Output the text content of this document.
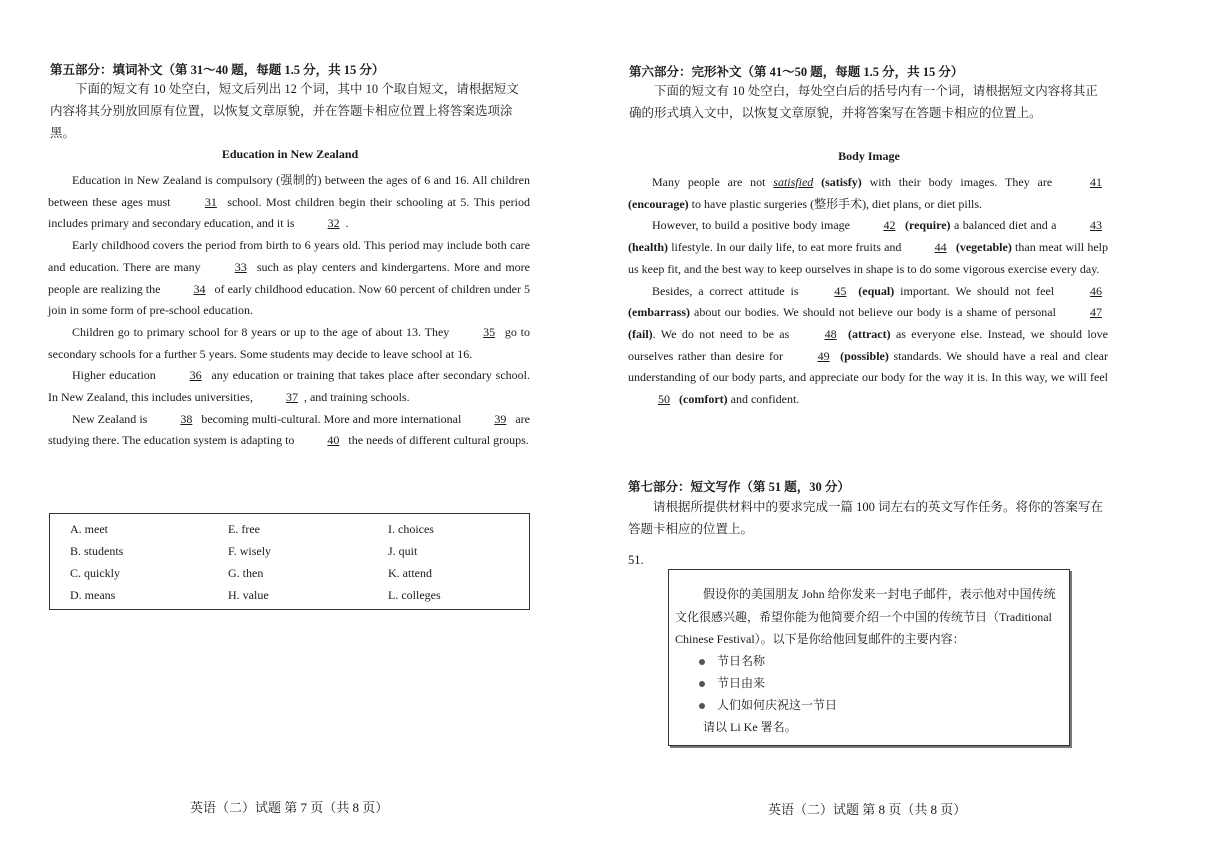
第五部分：填词补文（第 31～40 题，每题 1.5 分，共 15 分）

下面的短文有 10 处空白，短文后列出 12 个词，其中 10 个取自短文，请根据短文

内容将其分别放回原有位置，以恢复文章原貌，并在答题卡相应位置上将答案选项涂黑。

Education in New Zealand

Education in New Zealand is compulsory (强制的) between the ages of 6 and 16. All children between these ages must	31 school. Most children begin their schooling at 5. This period includes primary and secondary education, and it is	32 .

Early childhood covers the period from birth to 6 years old. This period may include both care and education. There are many	33 such as play centers and kindergartens. More and more people are realizing the	34 of early childhood education. Now 60 percent of children under 5 join in some form of pre-school education.

Children go to primary school for 8 years or up to the age of about 13. They	35 go to secondary schools for a further 5 years. Some students may decide to leave school at 16.

Higher education	36 any education or training that takes place after secondary school. In New Zealand, this includes universities,	37 , and training schools.

New Zealand is	38 becoming multi-cultural. More and more international	39 are studying there. The education system is adapting to	40 the needs of different cultural groups.

A. meet	E. free	I. choices
B. students	F. wisely	J. quit
C. quickly	G. then	K. attend
D. means	H. value	L. colleges
英语（二）试题 第 7 页（共 8 页）
第六部分：完形补文（第 41～50 题，每题 1.5 分，共 15 分）

下面的短文有 10 处空白，每处空白后的括号内有一个词，请根据短文内容将其正

确的形式填入文中，以恢复文章原貌，并将答案写在答题卡相应的位置上。

Body Image

Many people are not satisfied (satisfy) with their body images. They are	41 (encourage) to have plastic surgeries (整形手术), diet plans, or diet pills.

However, to build a positive body image	42 (require) a balanced diet and a	43 (health) lifestyle. In our daily life, to eat more fruits and	44 (vegetable) than meat will help us keep fit, and the best way to keep ourselves in shape is to do some vigorous exercise every day.

Besides, a correct attitude is	45 (equal) important. We should not feel	46 (embarrass) about our bodies. We should not believe our body is a shame of personal	47 (fail). We do not need to be as	48 (attract) as everyone else. Instead, we should love ourselves rather than desire for	49 (possible) standards. We should have a real and clear understanding of our body parts, and appreciate our body for the way it is. In this way, we will feel 50 (comfort) and confident.

第七部分：短文写作（第 51 题，30 分）

请根据所提供材料中的要求完成一篇 100 词左右的英文写作任务。将你的答案写在

答题卡相应的位置上。

51.
假设你的美国朋友 John 给你发来一封电子邮件，表示他对中国传统
文化很感兴趣，希望你能为他简要介绍一个中国的传统节日（Traditional
Chinese Festival）。以下是你给他回复邮件的主要内容：
节日名称
节日由来
人们如何庆祝这一节日
请以 Li Ke 署名。
英语（二）试题 第 8 页（共 8 页）
